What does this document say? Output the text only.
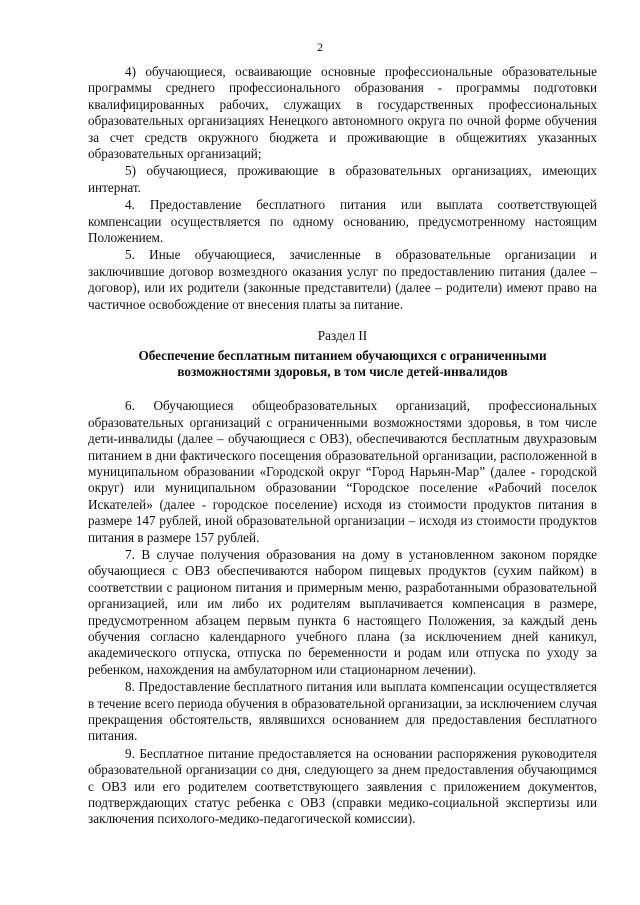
2

4) обучающиеся, осваивающие основные профессиональные образовательные программы среднего профессионального образования - программы подготовки квалифицированных рабочих, служащих в государственных профессиональных образовательных организациях Ненецкого автономного округа по очной форме обучения за счет средств окружного бюджета и проживающие в общежитиях указанных образовательных организаций;

5) обучающиеся, проживающие в образовательных организациях, имеющих интернат.

4. Предоставление бесплатного питания или выплата соответствующей компенсации осуществляется по одному основанию, предусмотренному настоящим Положением.

5. Иные обучающиеся, зачисленные в образовательные организации и заключившие договор возмездного оказания услуг по предоставлению питания (далее – договор), или их родители (законные представители) (далее – родители) имеют право на частичное освобождение от внесения платы за питание.

Раздел II
Обеспечение бесплатным питанием обучающихся с ограниченными возможностями здоровья, в том числе детей-инвалидов

6. Обучающиеся общеобразовательных организаций, профессиональных образовательных организаций с ограниченными возможностями здоровья, в том числе дети-инвалиды (далее – обучающиеся с ОВЗ), обеспечиваются бесплатным двухразовым питанием в дни фактического посещения образовательной организации, расположенной в муниципальном образовании «Городской округ “Город Нарьян-Мар” (далее - городской округ) или муниципальном образовании “Городское поселение «Рабочий поселок Искателей» (далее - городское поселение) исходя из стоимости продуктов питания в размере 147 рублей, иной образовательной организации – исходя из стоимости продуктов питания в размере 157 рублей.

7. В случае получения образования на дому в установленном законом порядке обучающиеся с ОВЗ обеспечиваются набором пищевых продуктов (сухим пайком) в соответствии с рационом питания и примерным меню, разработанными образовательной организацией, или им либо их родителям выплачивается компенсация в размере, предусмотренном абзацем первым пункта 6 настоящего Положения, за каждый день обучения согласно календарного учебного плана (за исключением дней каникул, академического отпуска, отпуска по беременности и родам или отпуска по уходу за ребенком, нахождения на амбулаторном или стационарном лечении).

8. Предоставление бесплатного питания или выплата компенсации осуществляется в течение всего периода обучения в образовательной организации, за исключением случая прекращения обстоятельств, являвшихся основанием для предоставления бесплатного питания.

9. Бесплатное питание предоставляется на основании распоряжения руководителя образовательной организации со дня, следующего за днем предоставления обучающимся с ОВЗ или его родителем соответствующего заявления с приложением документов, подтверждающих статус ребенка с ОВЗ (справки медико-социальной экспертизы или заключения психолого-медико-педагогической комиссии).
